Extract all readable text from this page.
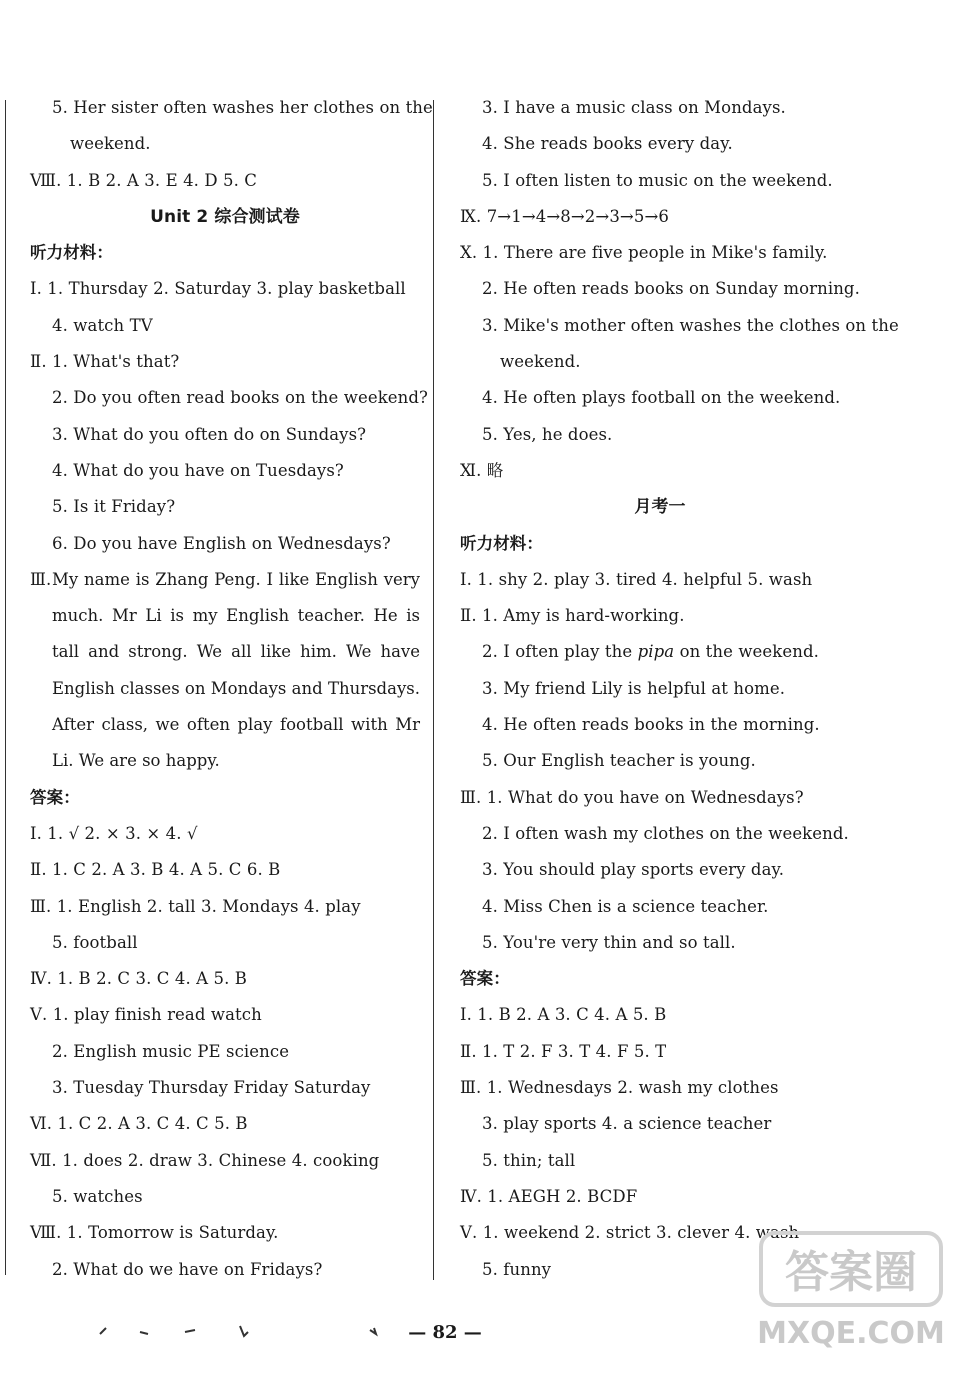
5. Her sister often washes her clothes on the
weekend.
Ⅷ. 1. B 2. A 3. E 4. D 5. C
Unit 2 综合测试卷
听力材料：
Ⅰ. 1. Thursday 2. Saturday 3. play basketball
4. watch TV
Ⅱ. 1. What's that?
2. Do you often read books on the weekend?
3. What do you often do on Sundays?
4. What do you have on Tuesdays?
5. Is it Friday?
6. Do you have English on Wednesdays?
Ⅲ. My name is Zhang Peng. I like English very much. Mr Li is my English teacher. He is tall and strong. We all like him. We have English classes on Mondays and Thursdays. After class, we often play football with Mr Li. We are so happy.
答案：
Ⅰ. 1. √ 2. × 3. × 4. √
Ⅱ. 1. C 2. A 3. B 4. A 5. C 6. B
Ⅲ. 1. English 2. tall 3. Mondays 4. play
5. football
Ⅳ. 1. B 2. C 3. C 4. A 5. B
Ⅴ. 1. play finish read watch
2. English music PE science
3. Tuesday Thursday Friday Saturday
Ⅵ. 1. C 2. A 3. C 4. C 5. B
Ⅶ. 1. does 2. draw 3. Chinese 4. cooking
5. watches
Ⅷ. 1. Tomorrow is Saturday.
2. What do we have on Fridays?
3. I have a music class on Mondays.
4. She reads books every day.
5. I often listen to music on the weekend.
Ⅸ. 7→1→4→8→2→3→5→6
Ⅹ. 1. There are five people in Mike's family.
2. He often reads books on Sunday morning.
3. Mike's mother often washes the clothes on the
weekend.
4. He often plays football on the weekend.
5. Yes, he does.
Ⅺ. 略
月考一
听力材料：
Ⅰ. 1. shy 2. play 3. tired 4. helpful 5. wash
Ⅱ. 1. Amy is hard-working.
2. I often play the pipa on the weekend.
3. My friend Lily is helpful at home.
4. He often reads books in the morning.
5. Our English teacher is young.
Ⅲ. 1. What do you have on Wednesdays?
2. I often wash my clothes on the weekend.
3. You should play sports every day.
4. Miss Chen is a science teacher.
5. You're very thin and so tall.
答案：
Ⅰ. 1. B 2. A 3. C 4. A 5. B
Ⅱ. 1. T 2. F 3. T 4. F 5. T
Ⅲ. 1. Wednesdays 2. wash my clothes
3. play sports 4. a science teacher
5. thin; tall
Ⅳ. 1. AEGH 2. BCDF
Ⅴ. 1. weekend 2. strict 3. clever 4. wash
5. funny
— 82 —
答案圈
MXQE.COM
